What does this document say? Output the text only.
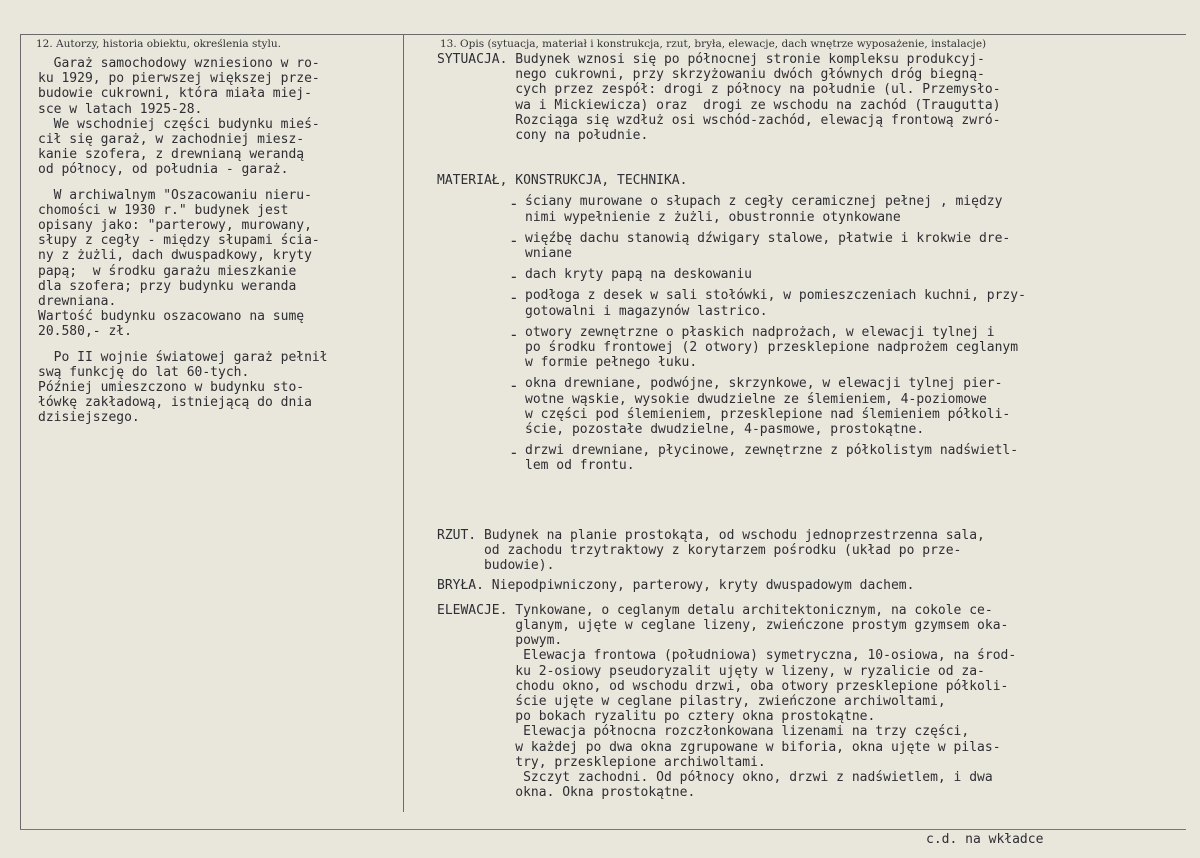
12. Autorzy, historia obiektu, określenia stylu.	13. Opis (sytuacja, materiał i konstrukcja, rzut, bryła, elewacje, dach wnętrze wyposażenie, instalacje)
Garaż samochodowy wzniesiono w ro-
ku 1929, po pierwszej większej prze-
budowie cukrowni, która miała miej-
sce w latach 1925-28.
We wschodniej części budynku mieś-
cił się garaż, w zachodniej miesz-
kanie szofera, z drewnianą werandą
od północy, od południa - garaż.
W archiwalnym "Oszacowaniu nieru-
chomości w 1930 r." budynek jest
opisany jako: "parterowy, murowany,
słupy z cegły - między słupami ścia-
ny z żużli, dach dwuspadkowy, kryty
papą;  w środku garażu mieszkanie
dla szofera; przy budynku weranda
drewniana.
Wartość budynku oszacowano na sumę
20.580,- zł.
Po II wojnie światowej garaż pełnił
swą funkcję do lat 60-tych.
Później umieszczono w budynku sto-
łówkę zakładową, istniejącą do dnia
dzisiejszego.
SYTUACJA. Budynek wznosi się po północnej stronie kompleksu produkcyj-
nego cukrowni, przy skrzyżowaniu dwóch głównych dróg biegną-
cych przez zespół: drogi z północy na południe (ul. Przemysło-
wa i Mickiewicza) oraz  drogi ze wschodu na zachód (Traugutta)
Rozciąga się wzdłuż osi wschód-zachód, elewacją frontową zwró-
cony na południe.
MATERIAŁ, KONSTRUKCJA, TECHNIKA.
- ściany murowane o słupach z cegły ceramicznej pełnej , między
nimi wypełnienie z żużli, obustronnie otynkowane
- więźbę dachu stanowią dźwigary stalowe, płatwie i krokwie dre-
wniane
- dach kryty papą na deskowaniu
- podłoga z desek w sali stołówki, w pomieszczeniach kuchni, przy-
gotowalni i magazynów lastrico.
- otwory zewnętrzne o płaskich nadprożach, w elewacji tylnej i
po środku frontowej (2 otwory) przesklepione nadprożem ceglanym
w formie pełnego łuku.
- okna drewniane, podwójne, skrzynkowe, w elewacji tylnej pier-
wotne wąskie, wysokie dwudzielne ze ślemieniem, 4-poziomowe
w części pod ślemieniem, przesklepione nad ślemieniem półkoli-
ście, pozostałe dwudzielne, 4-pasmowe, prostokątne.
- drzwi drewniane, płycinowe, zewnętrzne z półkolistym nadświetl-
lem od frontu.
RZUT. Budynek na planie prostokąta, od wschodu jednoprzestrzenna sala,
od zachodu trzytraktowy z korytarzem pośrodku (układ po prze-
budowie).
BRYŁA. Niepodpiwniczony, parterowy, kryty dwuspadowym dachem.
ELEWACJE. Tynkowane, o ceglanym detalu architektonicznym, na cokole ce-
glanym, ujęte w ceglane lizeny, zwieńczone prostym gzymsem oka-
powym.
Elewacja frontowa (południowa) symetryczna, 10-osiowa, na środ-
ku 2-osiowy pseudoryzalit ujęty w lizeny, w ryzalicie od za-
chodu okno, od wschodu drzwi, oba otwory przesklepione półkoli-
ście ujęte w ceglane pilastry, zwieńczone archiwoltami,
po bokach ryzalitu po cztery okna prostokątne.
Elewacja północna rozczłonkowana lizenami na trzy części,
w każdej po dwa okna zgrupowane w biforia, okna ujęte w pilas-
try, przesklepione archiwoltami.
Szczyt zachodni. Od północy okno, drzwi z nadświetlem, i dwa
okna. Okna prostokątne.
c.d. na wkładce
